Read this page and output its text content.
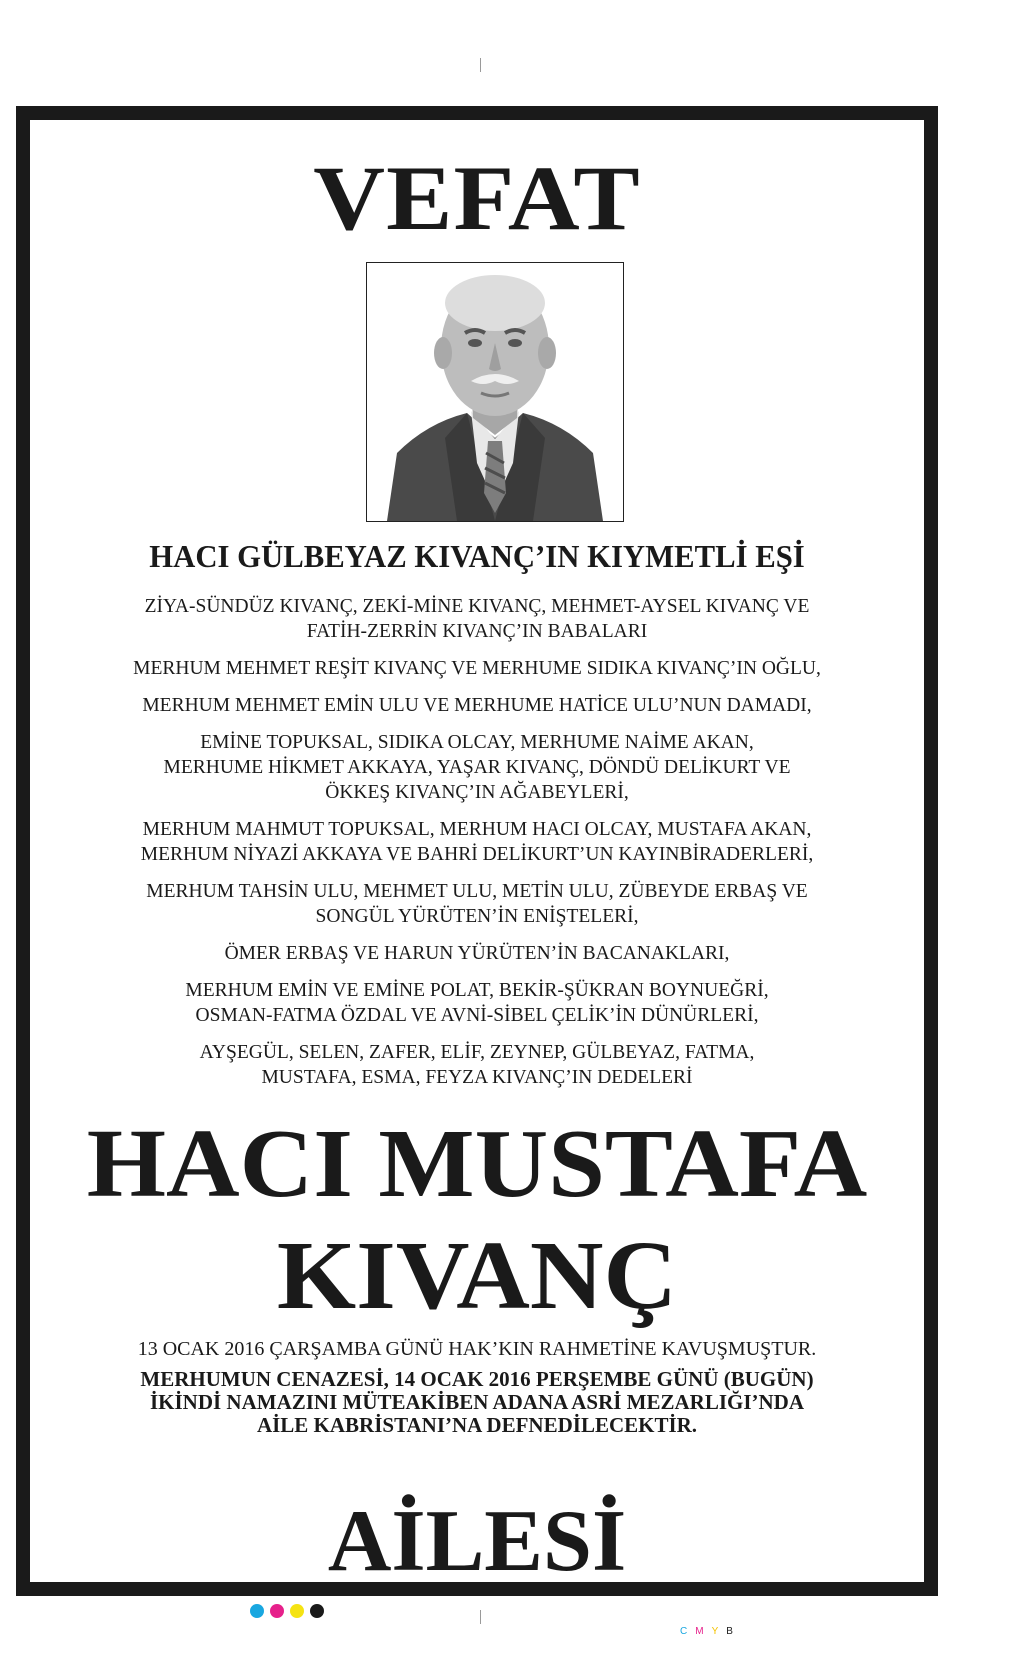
VEFAT
HACI GÜLBEYAZ KIVANÇ’IN KIYMETLİ EŞİ

ZİYA-SÜNDÜZ KIVANÇ, ZEKİ-MİNE KIVANÇ, MEHMET-AYSEL KIVANÇ VE
FATİH-ZERRİN KIVANÇ’IN BABALARI

MERHUM MEHMET REŞİT KIVANÇ VE MERHUME SIDIKA KIVANÇ’IN OĞLU,

MERHUM MEHMET EMİN ULU VE MERHUME HATİCE ULU’NUN DAMADI,

EMİNE TOPUKSAL, SIDIKA OLCAY, MERHUME NAİME AKAN,
MERHUME HİKMET AKKAYA, YAŞAR KIVANÇ, DÖNDÜ DELİKURT VE
ÖKKEŞ KIVANÇ’IN AĞABEYLERİ,

MERHUM MAHMUT TOPUKSAL, MERHUM HACI OLCAY, MUSTAFA AKAN,
MERHUM NİYAZİ AKKAYA VE BAHRİ DELİKURT’UN KAYINBİRADERLERİ,

MERHUM TAHSİN ULU, MEHMET ULU, METİN ULU, ZÜBEYDE ERBAŞ VE
SONGÜL YÜRÜTEN’İN ENİŞTELERİ,

ÖMER ERBAŞ VE HARUN YÜRÜTEN’İN BACANAKLARI,

MERHUM EMİN VE EMİNE POLAT, BEKİR-ŞÜKRAN BOYNUEĞRİ,
OSMAN-FATMA ÖZDAL VE AVNİ-SİBEL ÇELİK’İN DÜNÜRLERİ,

AYŞEGÜL, SELEN, ZAFER, ELİF, ZEYNEP, GÜLBEYAZ, FATMA,
MUSTAFA, ESMA, FEYZA KIVANÇ’IN DEDELERİ

HACI MUSTAFA
KIVANÇ
13 OCAK 2016 ÇARŞAMBA GÜNÜ HAK’KIN RAHMETİNE KAVUŞMUŞTUR.
MERHUMUN CENAZESİ, 14 OCAK 2016 PERŞEMBE GÜNÜ (BUGÜN)
İKİNDİ NAMAZINI MÜTEAKİBEN ADANA ASRİ MEZARLIĞI’NDA
AİLE KABRİSTANI’NA DEFNEDİLECEKTİR.
AİLESİ
CMYB
